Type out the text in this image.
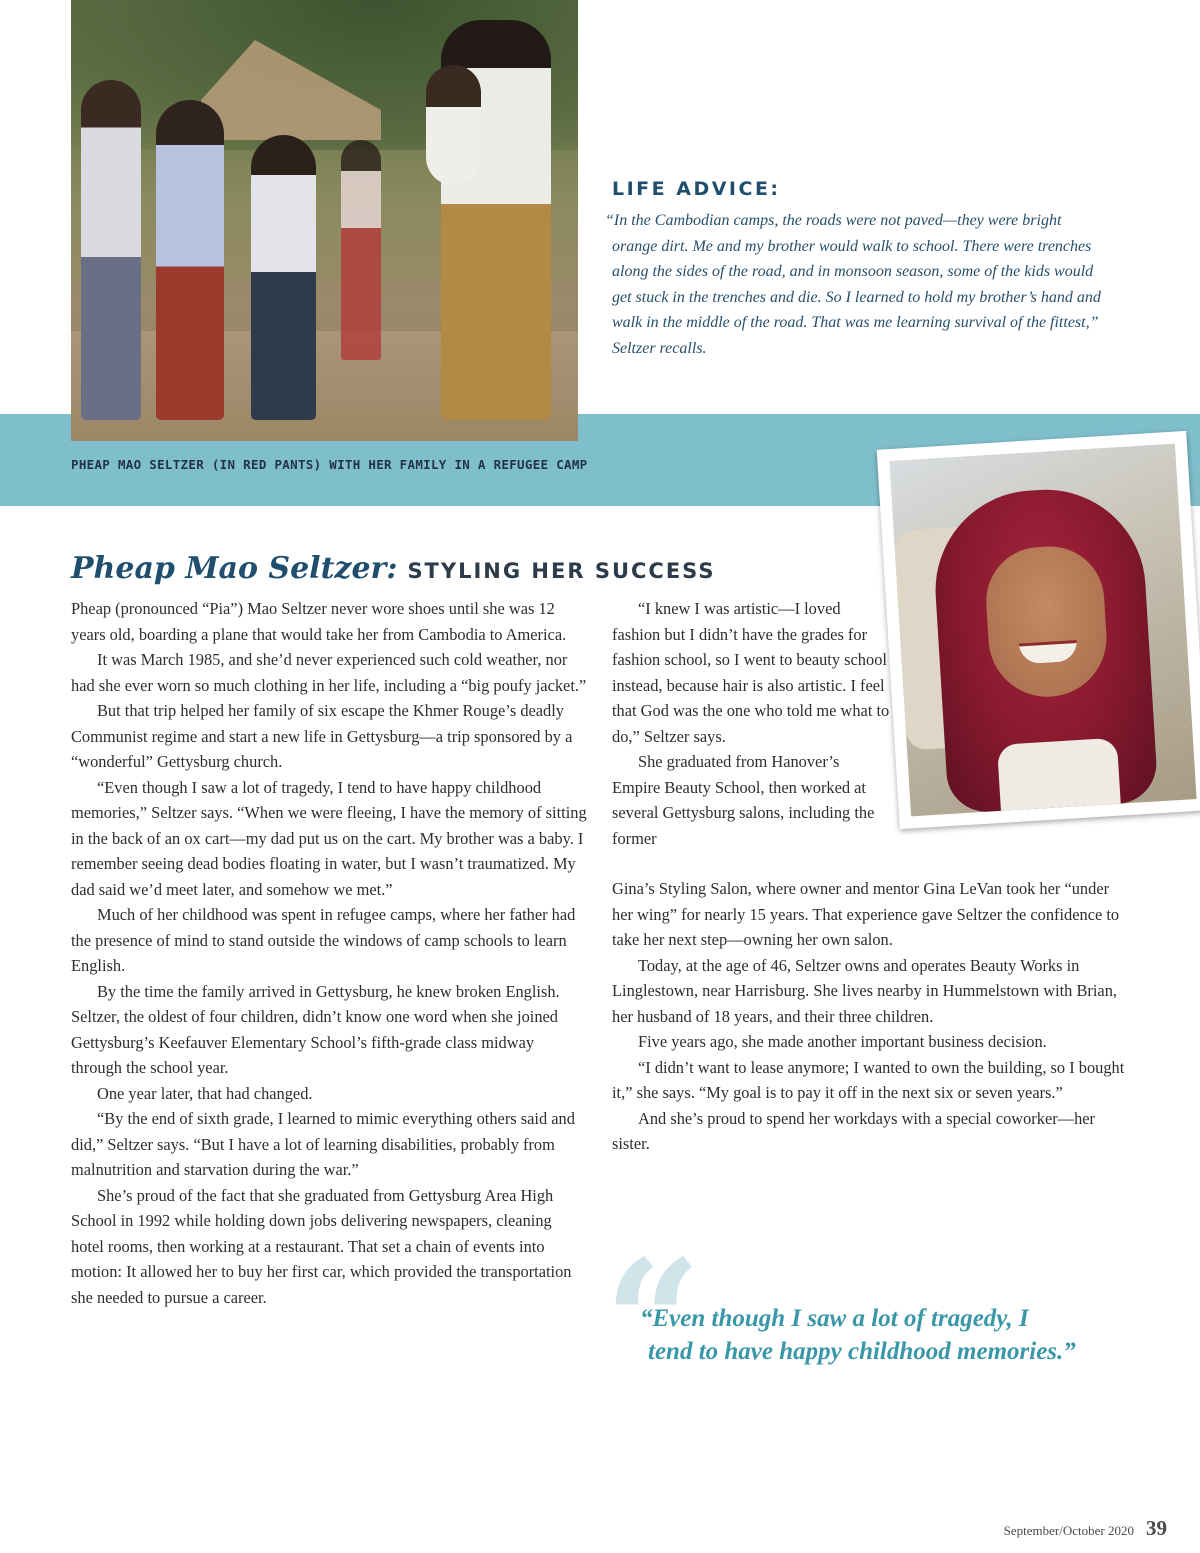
LIFE ADVICE:
“In the Cambodian camps, the roads were not paved—they were bright orange dirt. Me and my brother would walk to school. There were trenches along the sides of the road, and in monsoon season, some of the kids would get stuck in the trenches and die. So I learned to hold my brother’s hand and walk in the middle of the road. That was me learning survival of the fittest,” Seltzer recalls.
PHEAP MAO SELTZER (IN RED PANTS) WITH HER FAMILY IN A REFUGEE CAMP
Pheap Mao Seltzer: STYLING HER SUCCESS

Pheap (pronounced “Pia”) Mao Seltzer never wore shoes until she was 12 years old, boarding a plane that would take her from Cambodia to America.

It was March 1985, and she’d never experienced such cold weather, nor had she ever worn so much clothing in her life, including a “big poufy jacket.”

But that trip helped her family of six escape the Khmer Rouge’s deadly Communist regime and start a new life in Gettysburg—a trip sponsored by a “wonderful” Gettysburg church.

“Even though I saw a lot of tragedy, I tend to have happy childhood memories,” Seltzer says. “When we were fleeing, I have the memory of sitting in the back of an ox cart—my dad put us on the cart. My brother was a baby. I remember seeing dead bodies floating in water, but I wasn’t traumatized. My dad said we’d meet later, and somehow we met.”

Much of her childhood was spent in refugee camps, where her father had the presence of mind to stand outside the windows of camp schools to learn English.

By the time the family arrived in Gettysburg, he knew broken English. Seltzer, the oldest of four children, didn’t know one word when she joined Gettysburg’s Keefauver Elementary School’s fifth-grade class midway through the school year.

One year later, that had changed.

“By the end of sixth grade, I learned to mimic everything others said and did,” Seltzer says. “But I have a lot of learning disabilities, probably from malnutrition and starvation during the war.”

She’s proud of the fact that she graduated from Gettysburg Area High School in 1992 while holding down jobs delivering newspapers, cleaning hotel rooms, then working at a restaurant. That set a chain of events into motion: It allowed her to buy her first car, which provided the transportation she needed to pursue a career.

“I knew I was artistic—I loved fashion but I didn’t have the grades for fashion school, so I went to beauty school instead, because hair is also artistic. I feel that God was the one who told me what to do,” Seltzer says.

She graduated from Hanover’s Empire Beauty School, then worked at several Gettysburg salons, including the former

Gina’s Styling Salon, where owner and mentor Gina LeVan took her “under her wing” for nearly 15 years. That experience gave Seltzer the confidence to take her next step—owning her own salon.

Today, at the age of 46, Seltzer owns and operates Beauty Works in Linglestown, near Harrisburg. She lives nearby in Hummelstown with Brian, her husband of 18 years, and their three children.

Five years ago, she made another important business decision.

“I didn’t want to lease anymore; I wanted to own the building, so I bought it,” she says. “My goal is to pay it off in the next six or seven years.”

And she’s proud to spend her workdays with a special coworker—her sister.

“
“Even though I saw a lot of tragedy, I tend to have happy childhood memories.”
September/October 2020 39
